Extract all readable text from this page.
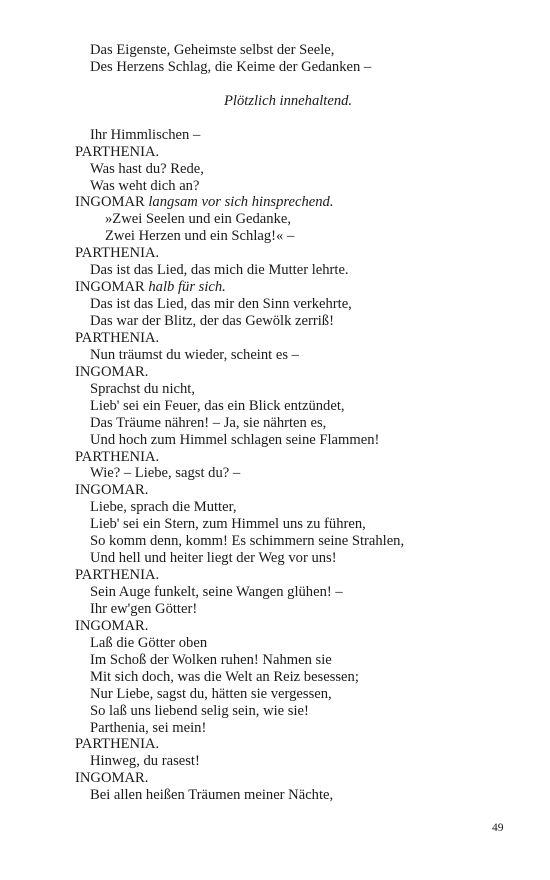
Das Eigenste, Geheimste selbst der Seele,
Des Herzens Schlag, die Keime der Gedanken –
Plötzlich innehaltend.
Ihr Himmlischen –
PARTHENIA.
Was hast du? Rede,
Was weht dich an?
INGOMAR langsam vor sich hinsprechend.
»Zwei Seelen und ein Gedanke,
Zwei Herzen und ein Schlag!« –
PARTHENIA.
Das ist das Lied, das mich die Mutter lehrte.
INGOMAR halb für sich.
Das ist das Lied, das mir den Sinn verkehrte,
Das war der Blitz, der das Gewölk zerriß!
PARTHENIA.
Nun träumst du wieder, scheint es –
INGOMAR.
Sprachst du nicht,
Lieb' sei ein Feuer, das ein Blick entzündet,
Das Träume nähren! – Ja, sie nährten es,
Und hoch zum Himmel schlagen seine Flammen!
PARTHENIA.
Wie? – Liebe, sagst du? –
INGOMAR.
Liebe, sprach die Mutter,
Lieb' sei ein Stern, zum Himmel uns zu führen,
So komm denn, komm! Es schimmern seine Strahlen,
Und hell und heiter liegt der Weg vor uns!
PARTHENIA.
Sein Auge funkelt, seine Wangen glühen! –
Ihr ew'gen Götter!
INGOMAR.
Laß die Götter oben
Im Schoß der Wolken ruhen! Nahmen sie
Mit sich doch, was die Welt an Reiz besessen;
Nur Liebe, sagst du, hätten sie vergessen,
So laß uns liebend selig sein, wie sie!
Parthenia, sei mein!
PARTHENIA.
Hinweg, du rasest!
INGOMAR.
Bei allen heißen Träumen meiner Nächte,
49
